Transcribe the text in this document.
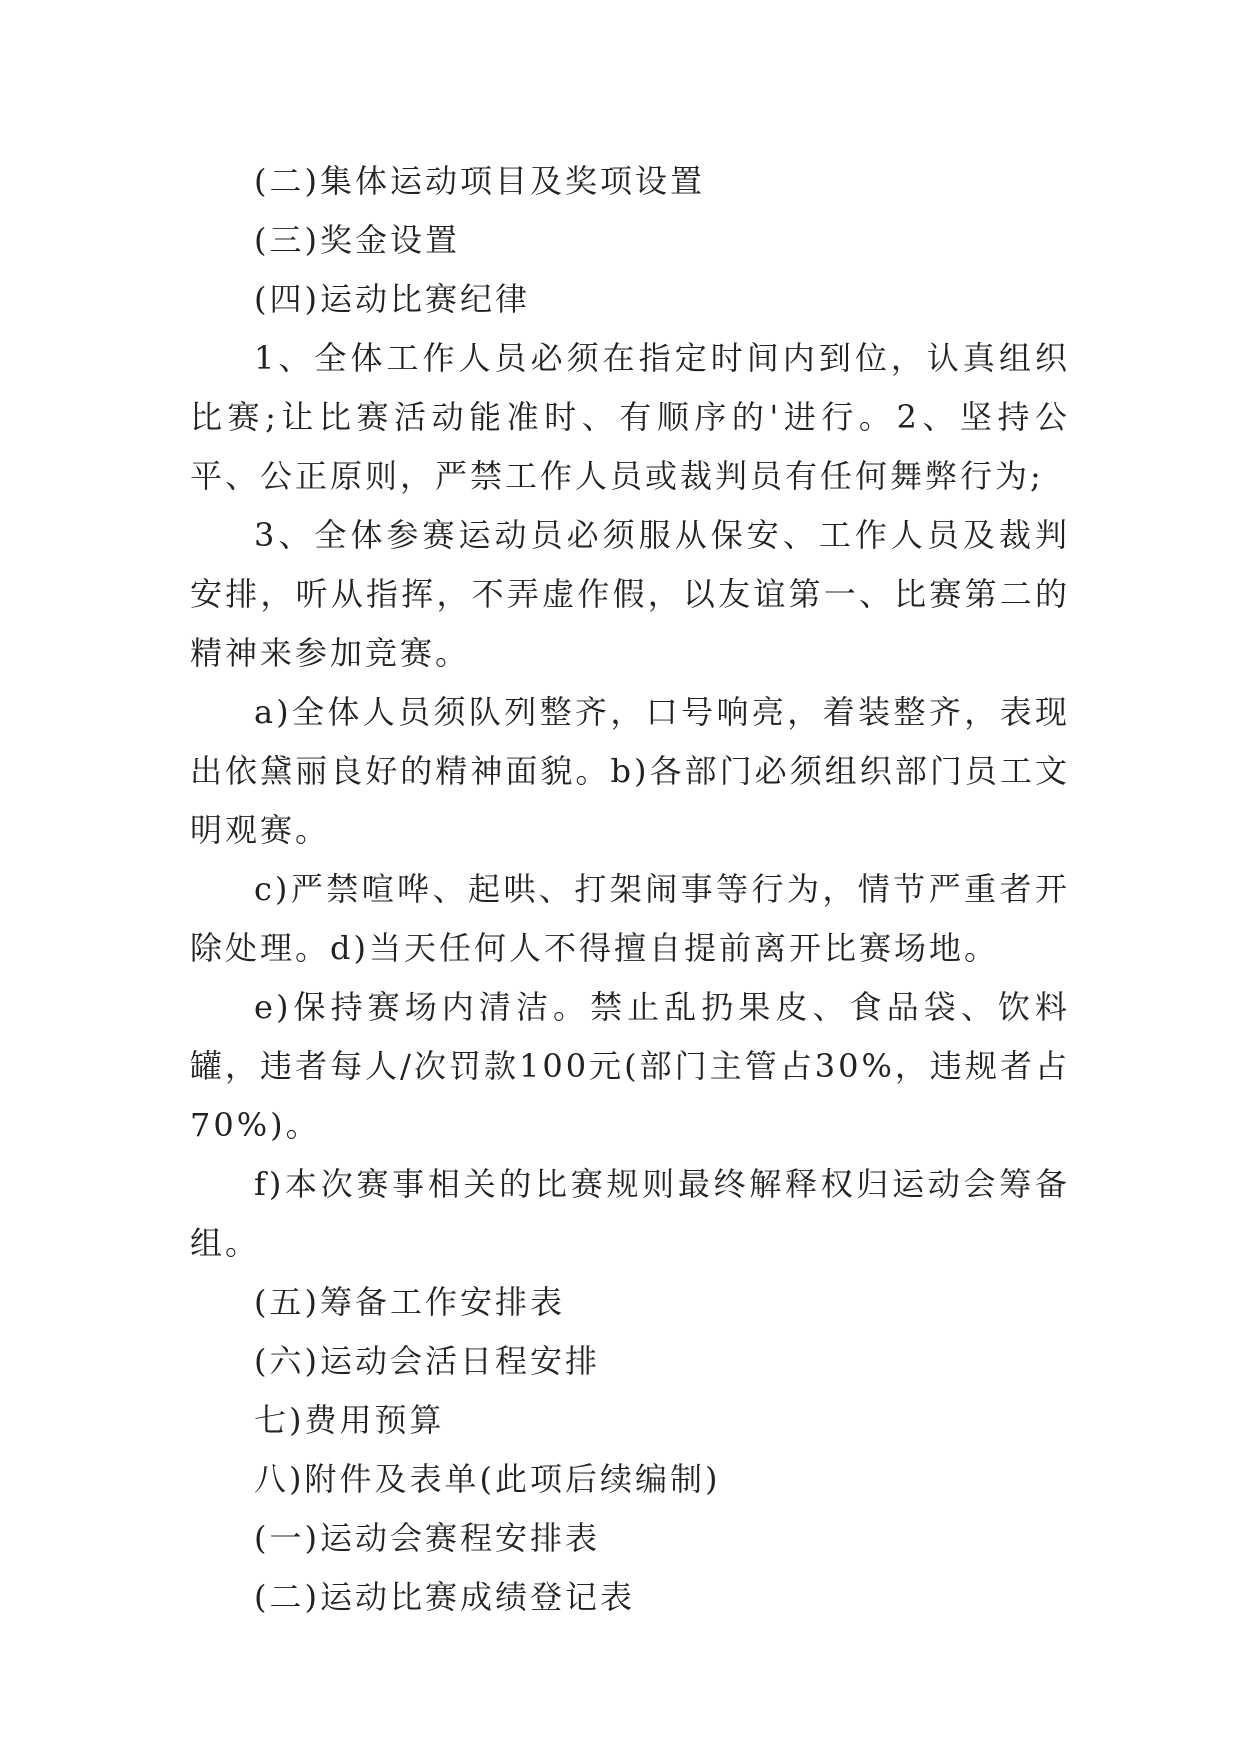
(二)集体运动项目及奖项设置

(三)奖金设置

(四)运动比赛纪律

1、全体工作人员必须在指定时间内到位，认真组织比赛;让比赛活动能准时、有顺序的'进行。2、坚持公平、公正原则，严禁工作人员或裁判员有任何舞弊行为;

3、全体参赛运动员必须服从保安、工作人员及裁判安排，听从指挥，不弄虚作假，以友谊第一、比赛第二的精神来参加竞赛。

a)全体人员须队列整齐，口号响亮，着装整齐，表现出依黛丽良好的精神面貌。b)各部门必须组织部门员工文明观赛。

c)严禁喧哗、起哄、打架闹事等行为，情节严重者开除处理。d)当天任何人不得擅自提前离开比赛场地。

e)保持赛场内清洁。禁止乱扔果皮、食品袋、饮料罐，违者每人/次罚款100元(部门主管占30%，违规者占70%)。

f)本次赛事相关的比赛规则最终解释权归运动会筹备组。

(五)筹备工作安排表

(六)运动会活日程安排

七)费用预算

八)附件及表单(此项后续编制)

(一)运动会赛程安排表

(二)运动比赛成绩登记表
